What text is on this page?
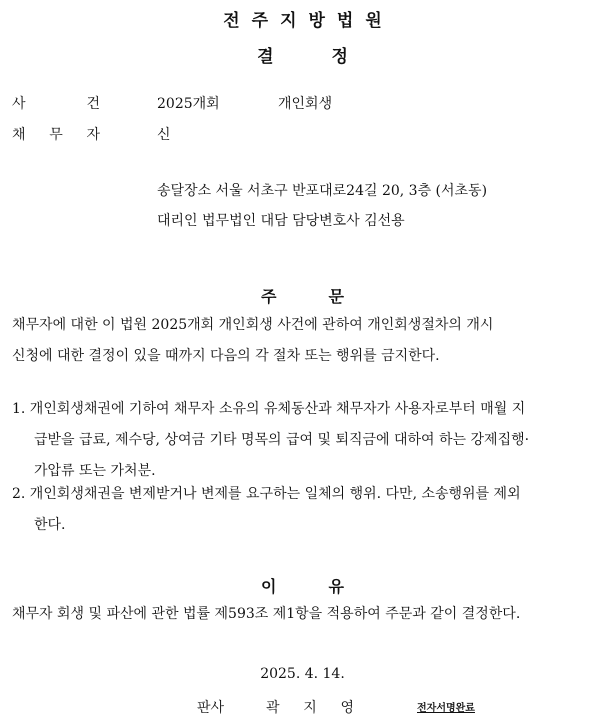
전주지방법원
결정
사	건	2025개회	개인회생
채 무 자	신
송달장소 서울 서초구 반포대로24길 20, 3층 (서초동)
대리인 법무법인 대담 담당변호사 김선용
주문
채무자에 대한 이 법원 2025개회 개인회생 사건에 관하여 개인회생절차의 개시
신청에 대한 결정이 있을 때까지 다음의 각 절차 또는 행위를 금지한다.
1. 개인회생채권에 기하여 채무자 소유의 유체동산과 채무자가 사용자로부터 매월 지
급받을 급료, 제수당, 상여금 기타 명목의 급여 및 퇴직금에 대하여 하는 강제집행·
가압류 또는 가처분.
2. 개인회생채권을 변제받거나 변제를 요구하는 일체의 행위. 다만, 소송행위를 제외
한다.
이유
채무자 회생 및 파산에 관한 법률 제593조 제1항을 적용하여 주문과 같이 결정한다.
2025. 4. 14.
판사	곽 지 영	전자서명완료
